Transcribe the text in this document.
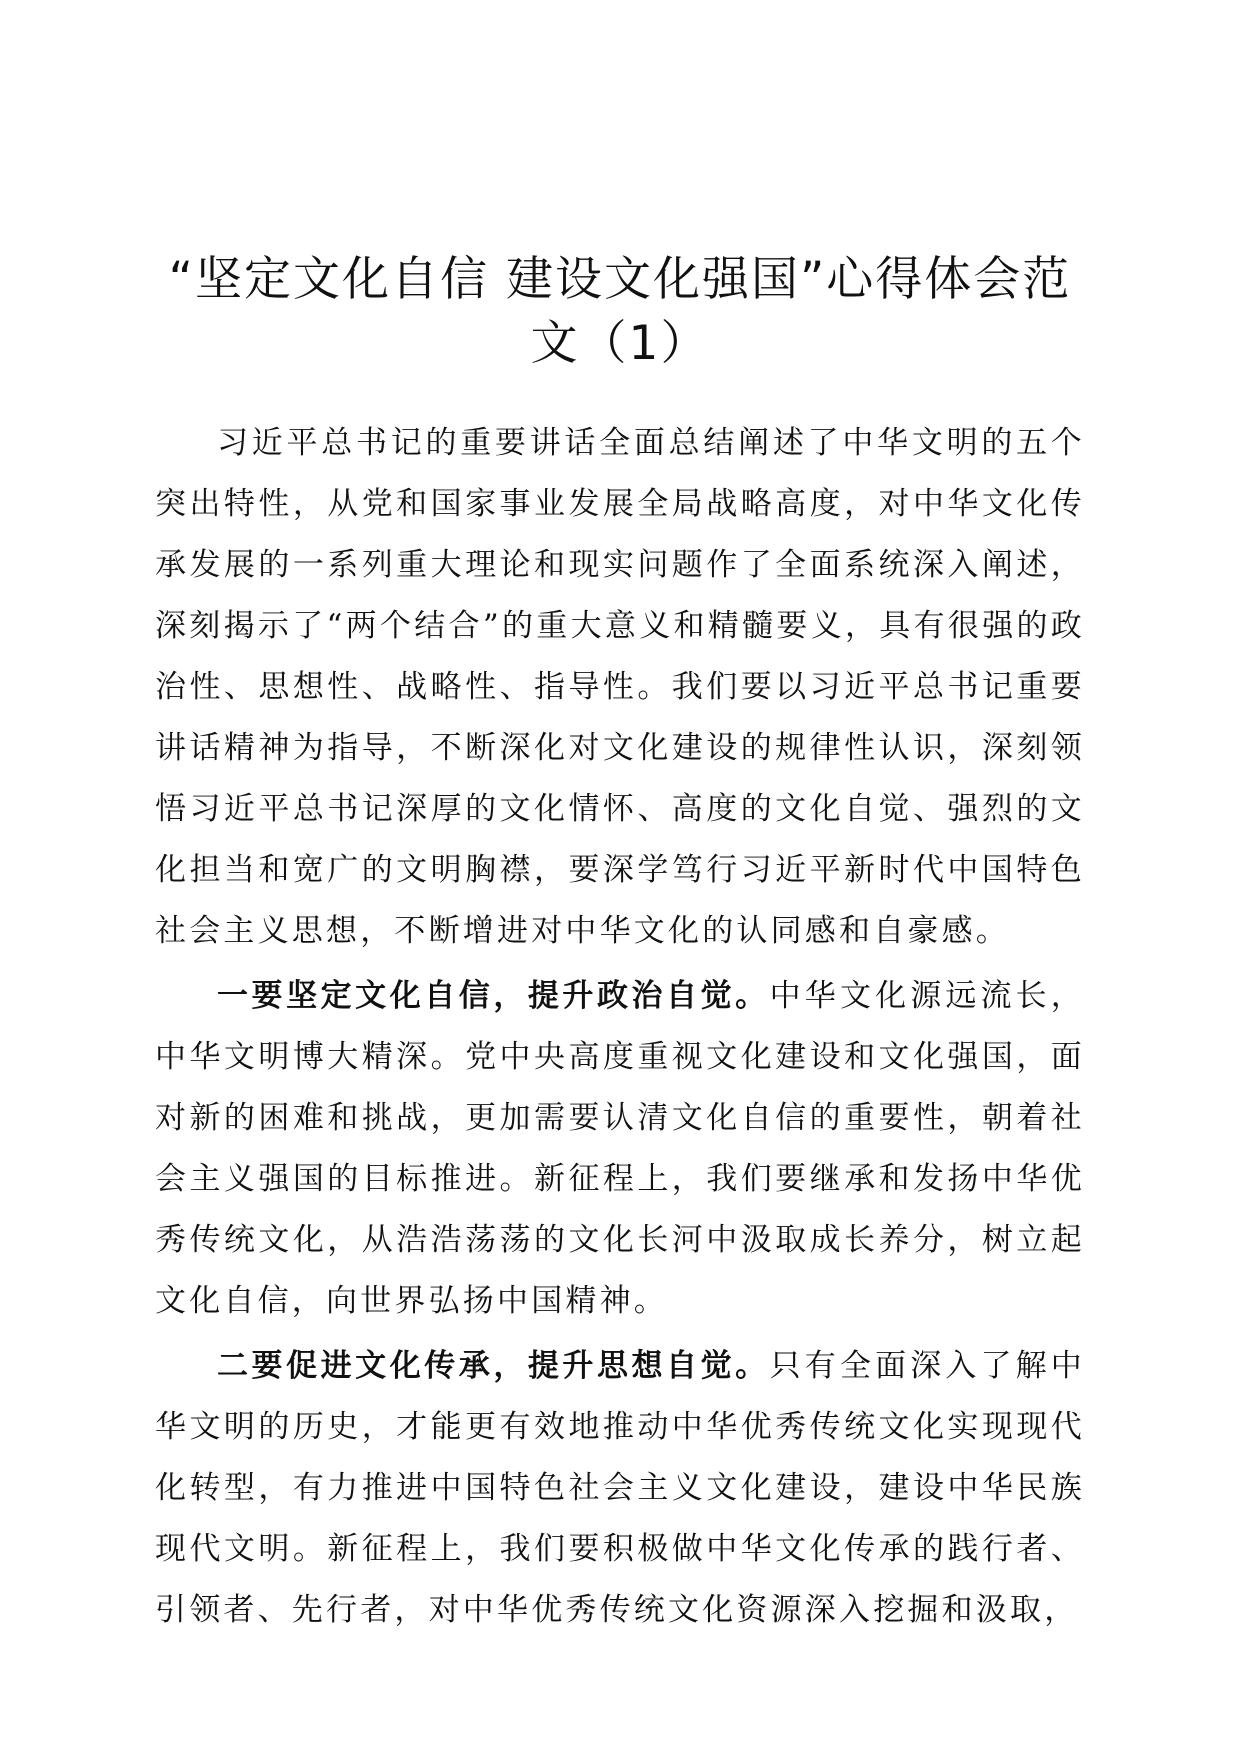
“坚定文化自信 建设文化强国”心得体会范
文（1）

习近平总书记的重要讲话全面总结阐述了中华文明的五个突出特性，从党和国家事业发展全局战略高度，对中华文化传承发展的一系列重大理论和现实问题作了全面系统深入阐述，深刻揭示了“两个结合”的重大意义和精髓要义，具有很强的政治性、思想性、战略性、指导性。我们要以习近平总书记重要讲话精神为指导，不断深化对文化建设的规律性认识，深刻领悟习近平总书记深厚的文化情怀、高度的文化自觉、强烈的文化担当和宽广的文明胸襟，要深学笃行习近平新时代中国特色社会主义思想，不断增进对中华文化的认同感和自豪感。

一要坚定文化自信，提升政治自觉。中华文化源远流长，中华文明博大精深。党中央高度重视文化建设和文化强国，面对新的困难和挑战，更加需要认清文化自信的重要性，朝着社会主义强国的目标推进。新征程上，我们要继承和发扬中华优秀传统文化，从浩浩荡荡的文化长河中汲取成长养分，树立起文化自信，向世界弘扬中国精神。

二要促进文化传承，提升思想自觉。只有全面深入了解中华文明的历史，才能更有效地推动中华优秀传统文化实现现代化转型，有力推进中国特色社会主义文化建设，建设中华民族现代文明。新征程上，我们要积极做中华文化传承的践行者、引领者、先行者，对中华优秀传统文化资源深入挖掘和汲取，
